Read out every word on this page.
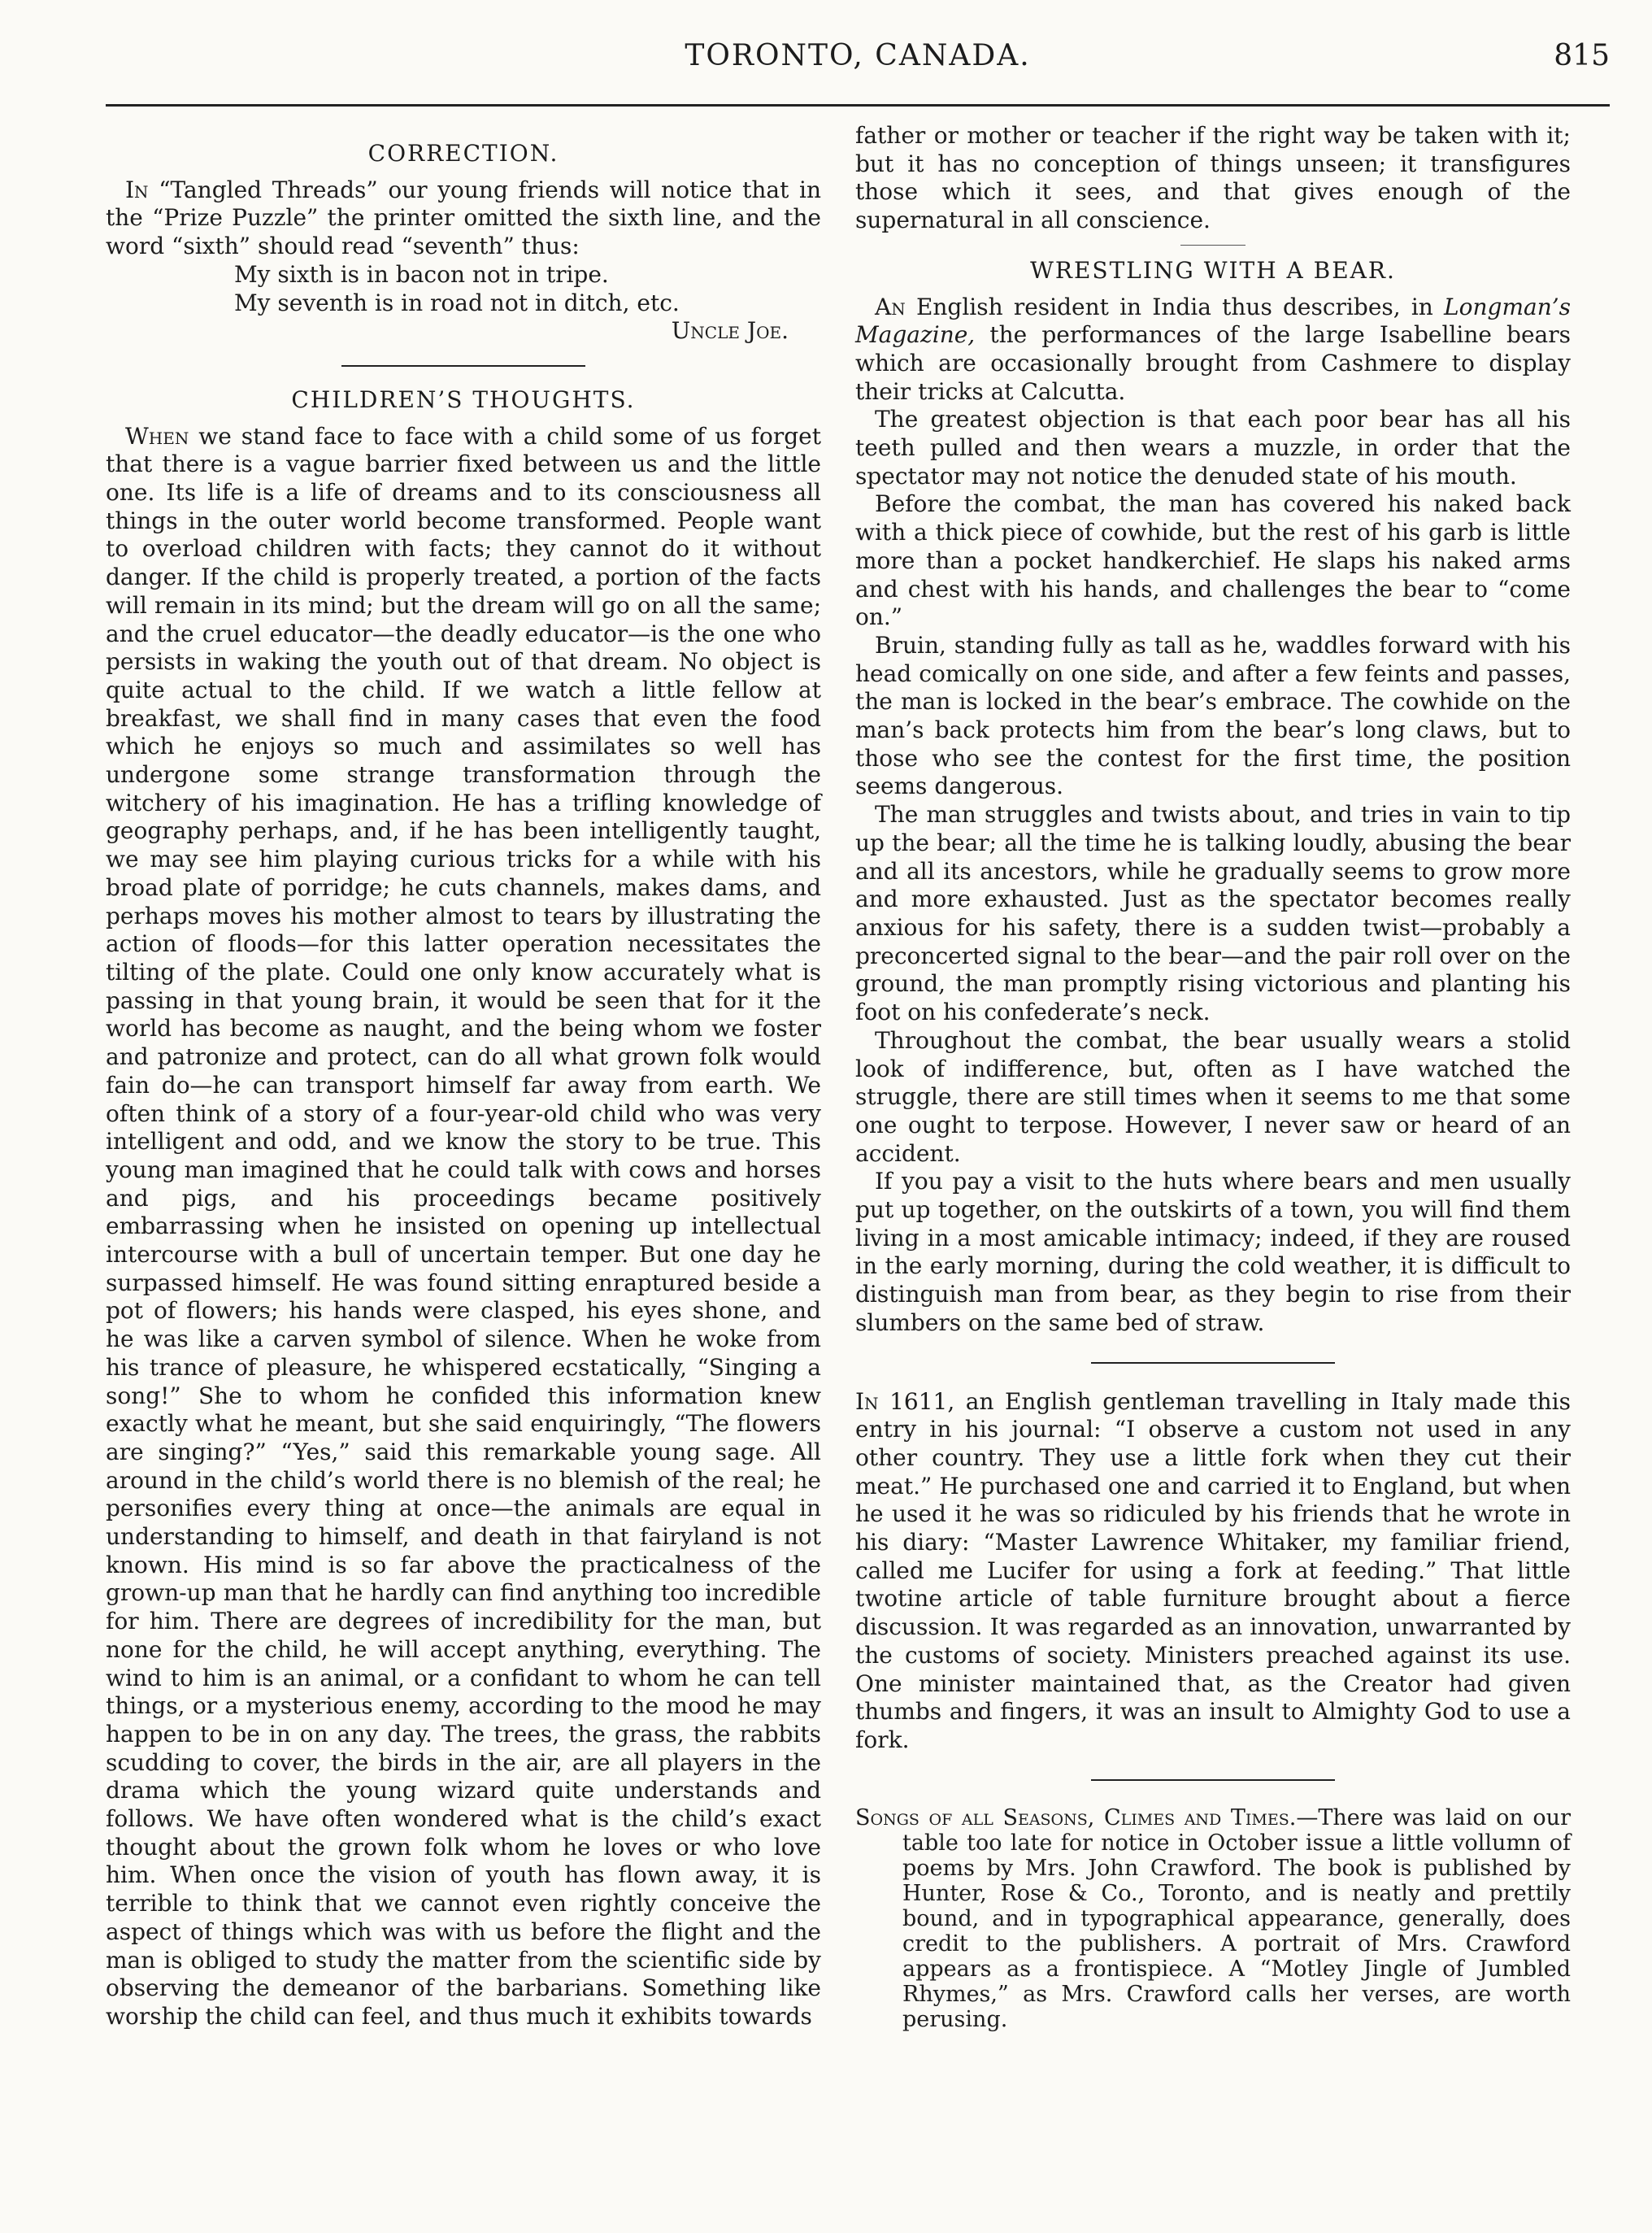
TORONTO, CANADA.	815
CORRECTION.

In “Tangled Threads” our young friends will notice that in the “Prize Puzzle” the printer omitted the sixth line, and the word “sixth” should read “seventh” thus:

My sixth is in bacon not in tripe.

My seventh is in road not in ditch, etc.

Uncle Joe.

CHILDREN’S THOUGHTS.

When we stand face to face with a child some of us forget that there is a vague barrier fixed between us and the little one. Its life is a life of dreams and to its consciousness all things in the outer world become transformed. People want to overload children with facts; they cannot do it without danger. If the child is properly treated, a portion of the facts will remain in its mind; but the dream will go on all the same; and the cruel educator—the deadly educator—is the one who persists in waking the youth out of that dream. No object is quite actual to the child. If we watch a little fellow at breakfast, we shall find in many cases that even the food which he enjoys so much and assimilates so well has undergone some strange transformation through the witchery of his imagination. He has a trifling knowledge of geography perhaps, and, if he has been intelligently taught, we may see him playing curious tricks for a while with his broad plate of porridge; he cuts channels, makes dams, and perhaps moves his mother almost to tears by illustrating the action of floods—for this latter operation necessitates the tilting of the plate. Could one only know accurately what is passing in that young brain, it would be seen that for it the world has become as naught, and the being whom we foster and patronize and protect, can do all what grown folk would fain do—he can transport himself far away from earth. We often think of a story of a four-year-old child who was very intelligent and odd, and we know the story to be true. This young man imagined that he could talk with cows and horses and pigs, and his proceedings became positively embarrassing when he insisted on opening up intellectual intercourse with a bull of uncertain temper. But one day he surpassed himself. He was found sitting enraptured beside a pot of flowers; his hands were clasped, his eyes shone, and he was like a carven symbol of silence. When he woke from his trance of pleasure, he whispered ecstatically, “Singing a song!” She to whom he confided this information knew exactly what he meant, but she said enquiringly, “The flowers are singing?” “Yes,” said this remarkable young sage. All around in the child’s world there is no blemish of the real; he personifies every thing at once—the animals are equal in understanding to himself, and death in that fairyland is not known. His mind is so far above the practicalness of the grown-up man that he hardly can find anything too incredible for him. There are degrees of incredibility for the man, but none for the child, he will accept anything, everything. The wind to him is an animal, or a confidant to whom he can tell things, or a mysterious enemy, according to the mood he may happen to be in on any day. The trees, the grass, the rabbits scudding to cover, the birds in the air, are all players in the drama which the young wizard quite understands and follows. We have often wondered what is the child’s exact thought about the grown folk whom he loves or who love him. When once the vision of youth has flown away, it is terrible to think that we cannot even rightly conceive the aspect of things which was with us before the flight and the man is obliged to study the matter from the scientific side by observing the demeanor of the barbarians. Something like worship the child can feel, and thus much it exhibits towards

father or mother or teacher if the right way be taken with it; but it has no conception of things unseen; it transfigures those which it sees, and that gives enough of the supernatural in all conscience.

WRESTLING WITH A BEAR.

An English resident in India thus describes, in Longman’s Magazine, the performances of the large Isabelline bears which are occasionally brought from Cashmere to display their tricks at Calcutta.

The greatest objection is that each poor bear has all his teeth pulled and then wears a muzzle, in order that the spectator may not notice the denuded state of his mouth.

Before the combat, the man has covered his naked back with a thick piece of cowhide, but the rest of his garb is little more than a pocket handkerchief. He slaps his naked arms and chest with his hands, and challenges the bear to “come on.”

Bruin, standing fully as tall as he, waddles forward with his head comically on one side, and after a few feints and passes, the man is locked in the bear’s embrace. The cowhide on the man’s back protects him from the bear’s long claws, but to those who see the contest for the first time, the position seems dangerous.

The man struggles and twists about, and tries in vain to tip up the bear; all the time he is talking loudly, abusing the bear and all its ancestors, while he gradually seems to grow more and more exhausted. Just as the spectator becomes really anxious for his safety, there is a sudden twist—probably a preconcerted signal to the bear—and the pair roll over on the ground, the man promptly rising victorious and planting his foot on his confederate’s neck.

Throughout the combat, the bear usually wears a stolid look of indifference, but, often as I have watched the struggle, there are still times when it seems to me that some one ought to terpose. However, I never saw or heard of an accident.

If you pay a visit to the huts where bears and men usually put up together, on the outskirts of a town, you will find them living in a most amicable intimacy; indeed, if they are roused in the early morning, during the cold weather, it is difficult to distinguish man from bear, as they begin to rise from their slumbers on the same bed of straw.

In 1611, an English gentleman travelling in Italy made this entry in his journal: “I observe a custom not used in any other country. They use a little fork when they cut their meat.” He purchased one and carried it to England, but when he used it he was so ridiculed by his friends that he wrote in his diary: “Master Lawrence Whitaker, my familiar friend, called me Lucifer for using a fork at feeding.” That little twotine article of table furniture brought about a fierce discussion. It was regarded as an innovation, unwarranted by the customs of society. Ministers preached against its use. One minister maintained that, as the Creator had given thumbs and fingers, it was an insult to Almighty God to use a fork.

Songs of all Seasons, Climes and Times.—There was laid on our table too late for notice in October issue a little vollumn of poems by Mrs. John Crawford. The book is published by Hunter, Rose & Co., Toronto, and is neatly and prettily bound, and in typographical appearance, generally, does credit to the publishers. A portrait of Mrs. Crawford appears as a frontispiece. A “Motley Jingle of Jumbled Rhymes,” as Mrs. Crawford calls her verses, are worth perusing.
